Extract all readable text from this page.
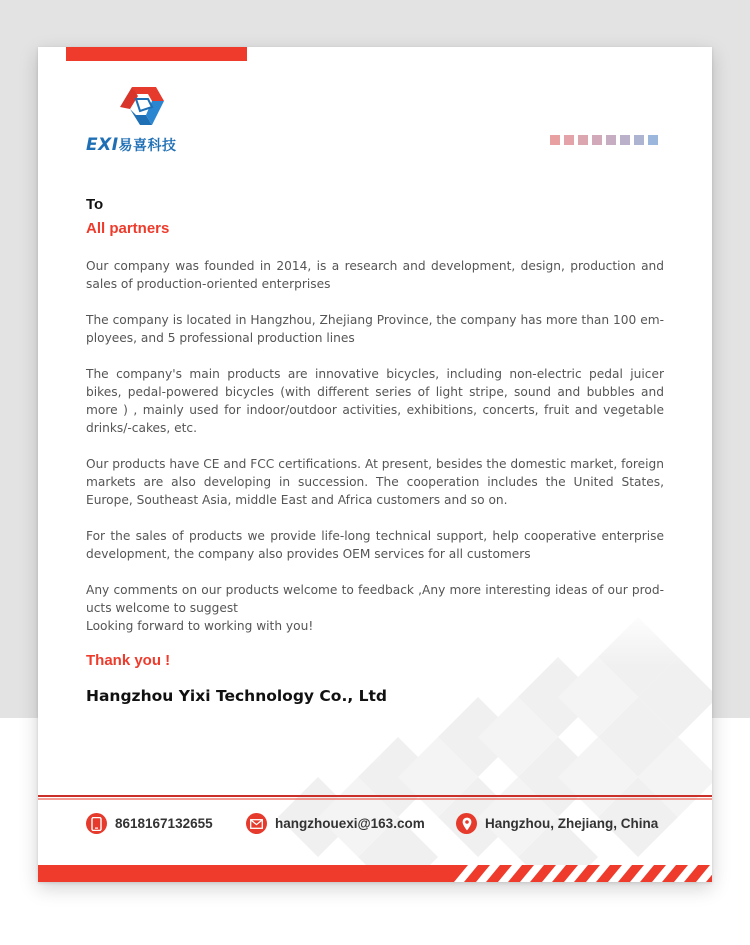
EXI易喜科技
To
All partners

Our company was founded in 2014, is a research and development, design, production and sales of production-oriented enterprises

The company is located in Hangzhou, Zhejiang Province, the company has more than 100 em- ployees, and 5 professional production lines

The company's main products are innovative bicycles, including non-electric pedal juicer bikes, pedal-powered bicycles (with different series of light stripe, sound and bubbles and more ) , mainly used for indoor/outdoor activities, exhibitions, concerts, fruit and vegetable drinks/-cakes, etc.

Our products have CE and FCC certifications. At present, besides the domestic market, foreign markets are also developing in succession. The cooperation includes the United States, Europe, Southeast Asia, middle East and Africa customers and so on.

For the sales of products we provide life-long technical support, help cooperative enterprise development, the company also provides OEM services for all customers

Any comments on our products welcome to feedback ,Any more interesting ideas of our prod- ucts welcome to suggest

Looking forward to working with you!

Thank you !
Hangzhou Yixi Technology Co., Ltd
8618167132655	hangzhouexi@163.com	Hangzhou, Zhejiang, China
